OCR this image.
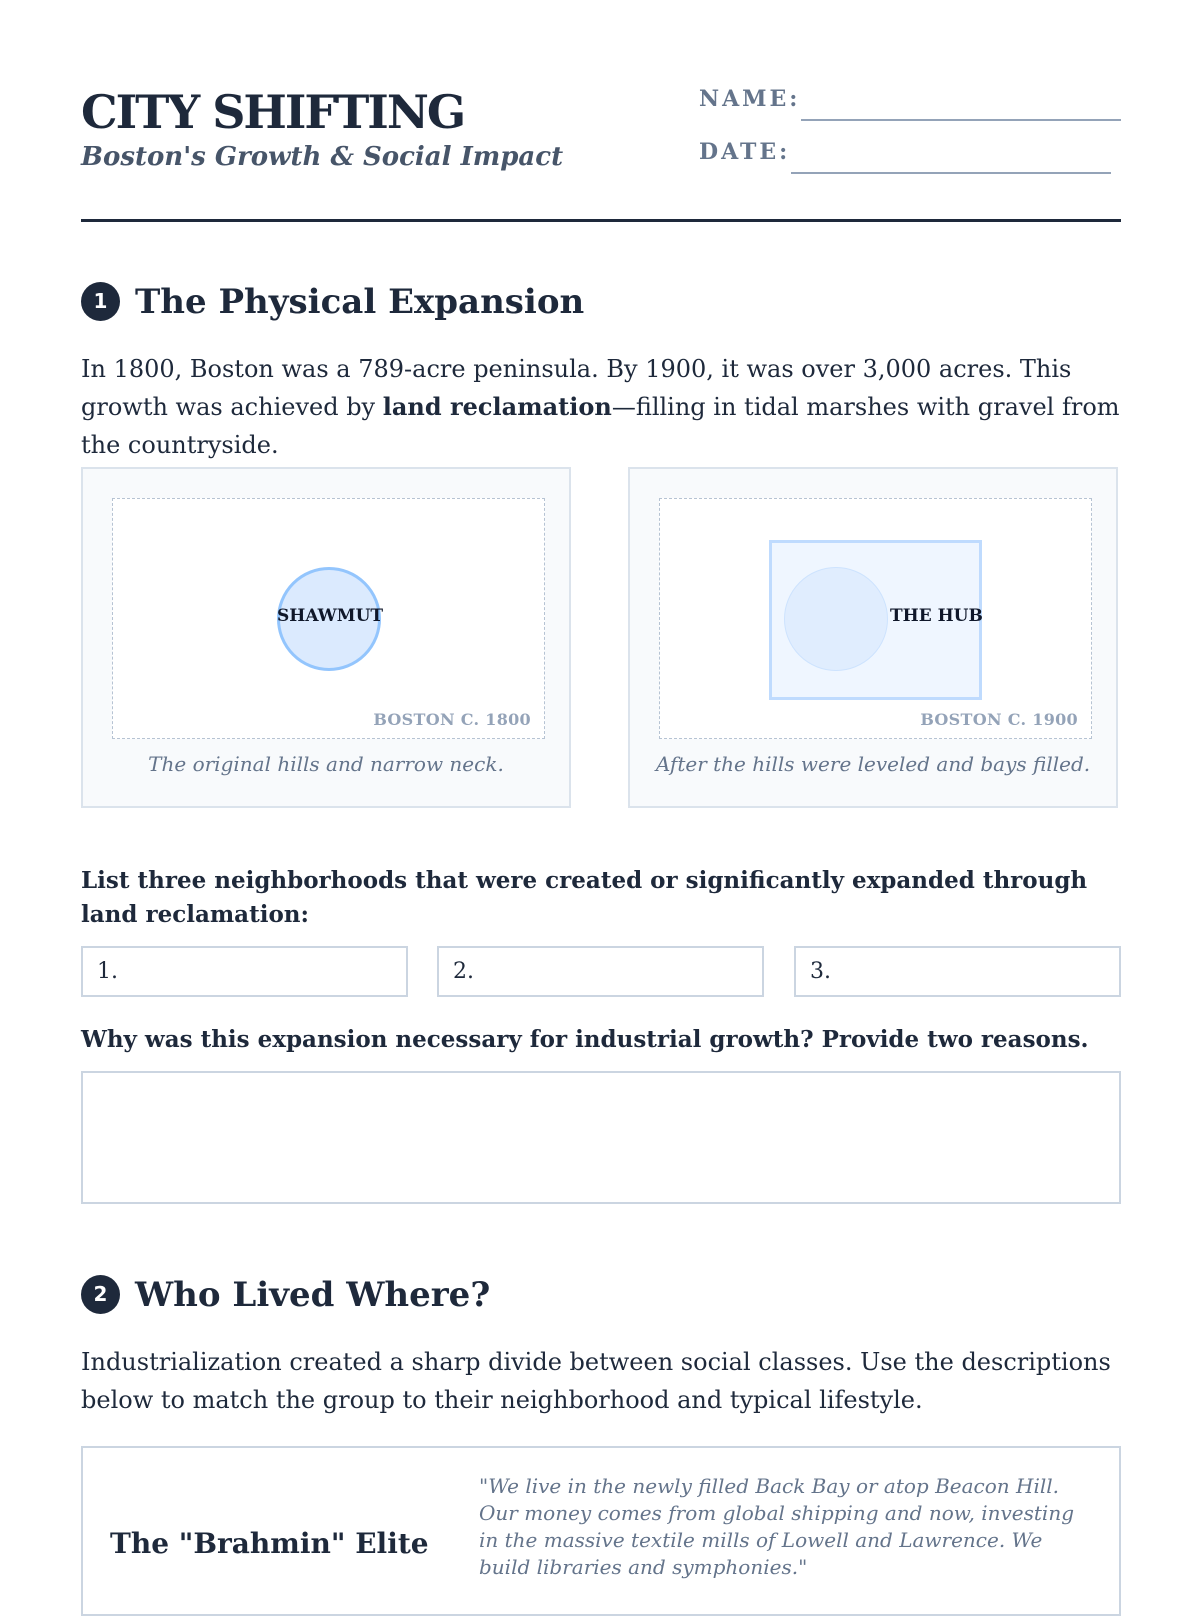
CITY SHIFTING

Boston's Growth & Social Impact

NAME:
DATE:
1 The Physical Expansion

In 1800, Boston was a 789-acre peninsula. By 1900, it was over 3,000 acres. This growth was achieved by land reclamation—filling in tidal marshes with gravel from the countryside.

SHAWMUT
BOSTON C. 1800
The original hills and narrow neck.
THE HUB
BOSTON C. 1900
After the hills were leveled and bays filled.

List three neighborhoods that were created or significantly expanded through land reclamation:

1.	2.	3.

Why was this expansion necessary for industrial growth? Provide two reasons.

2 Who Lived Where?

Industrialization created a sharp divide between social classes. Use the descriptions below to match the group to their neighborhood and typical lifestyle.

The "Brahmin" Elite

"We live in the newly filled Back Bay or atop Beacon Hill. Our money comes from global shipping and now, investing in the massive textile mills of Lowell and Lawrence. We build libraries and symphonies."
